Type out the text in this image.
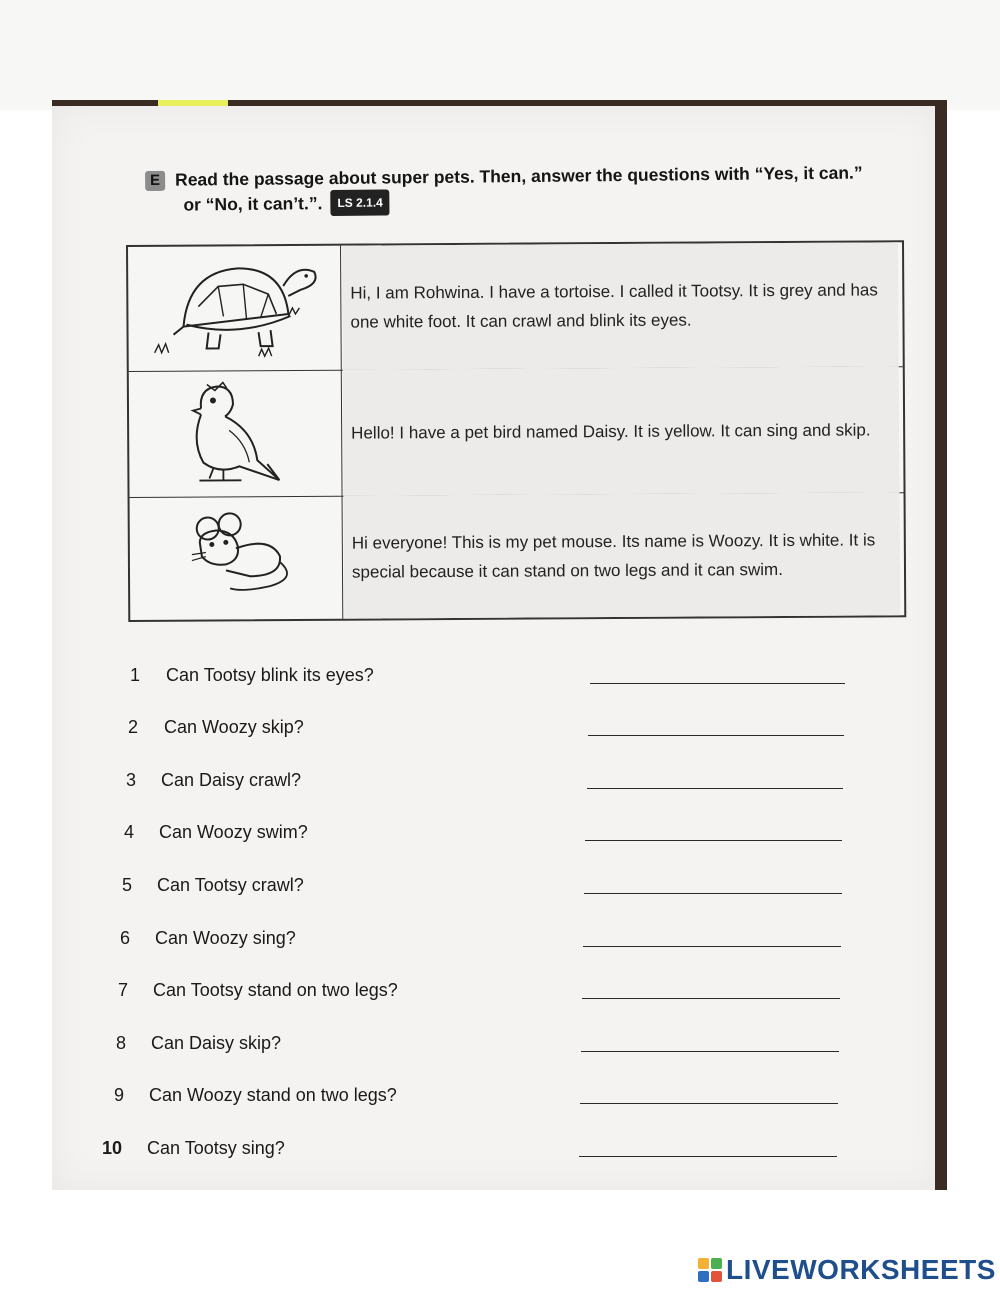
E Read the passage about super pets. Then, answer the questions with “Yes, it can.”
or “No, it can’t.”. LS 2.1.4
Hi, I am Rohwina. I have a tortoise. I called it Tootsy. It is grey and has one white foot. It can crawl and blink its eyes.
Hello! I have a pet bird named Daisy. It is yellow. It can sing and skip.
Hi everyone! This is my pet mouse. Its name is Woozy. It is white. It is special because it can stand on two legs and it can swim.
1 Can Tootsy blink its eyes?
2 Can Woozy skip?
3 Can Daisy crawl?
4 Can Woozy swim?
5 Can Tootsy crawl?
6 Can Woozy sing?
7 Can Tootsy stand on two legs?
8 Can Daisy skip?
9 Can Woozy stand on two legs?
10 Can Tootsy sing?
LIVEWORKSHEETS
